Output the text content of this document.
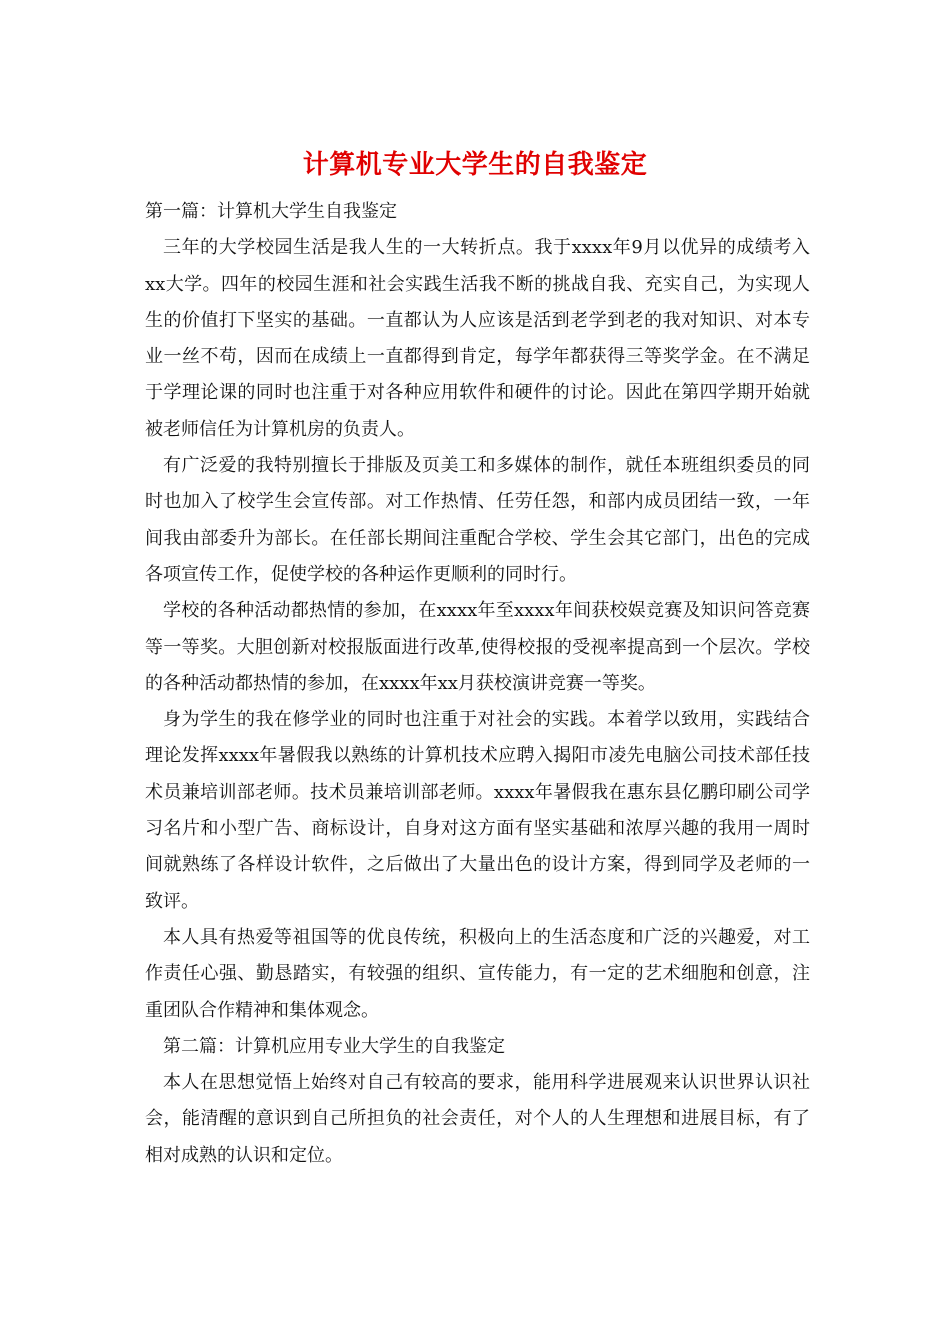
计算机专业大学生的自我鉴定

第一篇：计算机大学生自我鉴定

三年的大学校园生活是我人生的一大转折点。我于xxxx年9月以优异的成绩考入xx大学。四年的校园生涯和社会实践生活我不断的挑战自我、充实自己，为实现人生的价值打下坚实的基础。一直都认为人应该是活到老学到老的我对知识、对本专业一丝不苟，因而在成绩上一直都得到肯定，每学年都获得三等奖学金。在不满足于学理论课的同时也注重于对各种应用软件和硬件的讨论。因此在第四学期开始就被老师信任为计算机房的负责人。

有广泛爱的我特别擅长于排版及页美工和多媒体的制作，就任本班组织委员的同时也加入了校学生会宣传部。对工作热情、任劳任怨，和部内成员团结一致，一年间我由部委升为部长。在任部长期间注重配合学校、学生会其它部门，出色的完成各项宣传工作，促使学校的各种运作更顺利的同时行。

学校的各种活动都热情的参加，在xxxx年至xxxx年间获校娱竞赛及知识问答竞赛等一等奖。大胆创新对校报版面进行改革,使得校报的受视率提高到一个层次。学校的各种活动都热情的参加，在xxxx年xx月获校演讲竞赛一等奖。

身为学生的我在修学业的同时也注重于对社会的实践。本着学以致用，实践结合理论发挥xxxx年暑假我以熟练的计算机技术应聘入揭阳市凌先电脑公司技术部任技术员兼培训部老师。技术员兼培训部老师。xxxx年暑假我在惠东县亿鹏印刷公司学习名片和小型广告、商标设计，自身对这方面有坚实基础和浓厚兴趣的我用一周时间就熟练了各样设计软件，之后做出了大量出色的设计方案，得到同学及老师的一致评。

本人具有热爱等祖国等的优良传统，积极向上的生活态度和广泛的兴趣爱，对工作责任心强、勤恳踏实，有较强的组织、宣传能力，有一定的艺术细胞和创意，注重团队合作精神和集体观念。

第二篇：计算机应用专业大学生的自我鉴定

本人在思想觉悟上始终对自己有较高的要求，能用科学进展观来认识世界认识社会，能清醒的意识到自己所担负的社会责任，对个人的人生理想和进展目标，有了相对成熟的认识和定位。
